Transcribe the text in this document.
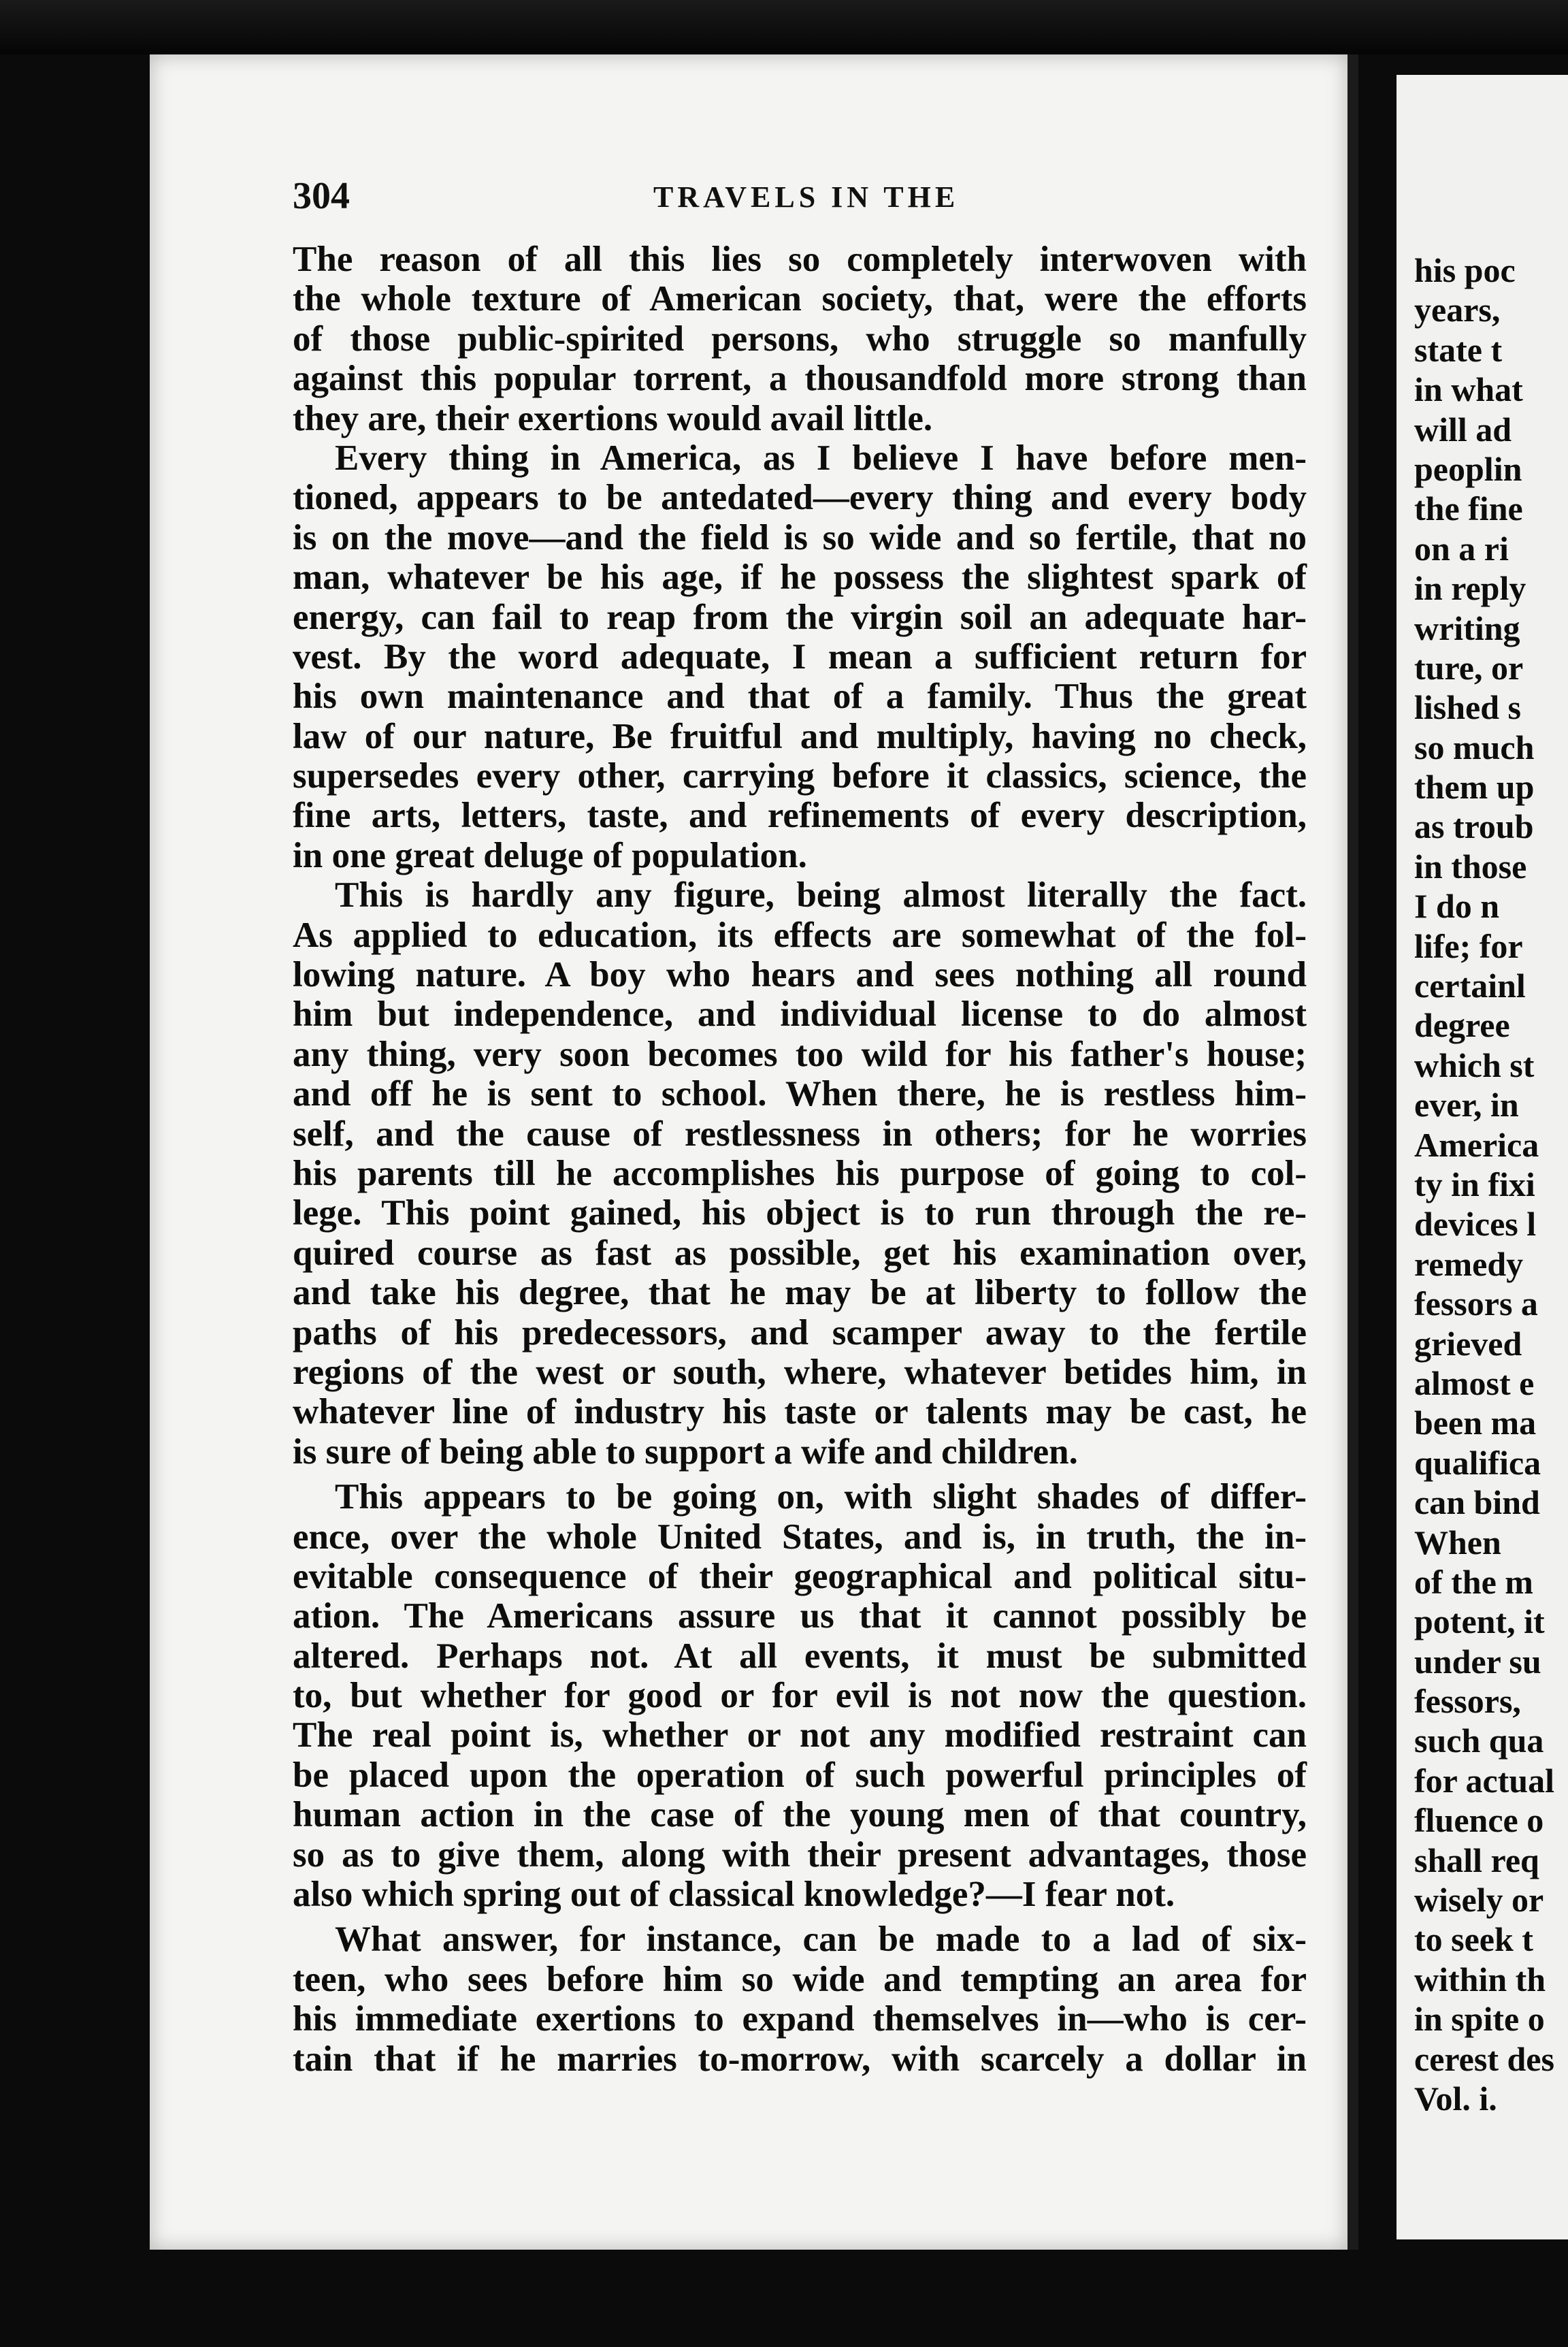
304	TRAVELS IN THE
The reason of all this lies so completely interwoven with
the whole texture of American society, that, were the efforts
of those public-spirited persons, who struggle so manfully
against this popular torrent, a thousandfold more strong than
they are, their exertions would avail little.
Every thing in America, as I believe I have before men-
tioned, appears to be antedated—every thing and every body
is on the move—and the field is so wide and so fertile, that no
man, whatever be his age, if he possess the slightest spark of
energy, can fail to reap from the virgin soil an adequate har-
vest. By the word adequate, I mean a sufficient return for
his own maintenance and that of a family. Thus the great
law of our nature, Be fruitful and multiply, having no check,
supersedes every other, carrying before it classics, science, the
fine arts, letters, taste, and refinements of every description,
in one great deluge of population.
This is hardly any figure, being almost literally the fact.
As applied to education, its effects are somewhat of the fol-
lowing nature. A boy who hears and sees nothing all round
him but independence, and individual license to do almost
any thing, very soon becomes too wild for his father's house;
and off he is sent to school. When there, he is restless him-
self, and the cause of restlessness in others; for he worries
his parents till he accomplishes his purpose of going to col-
lege. This point gained, his object is to run through the re-
quired course as fast as possible, get his examination over,
and take his degree, that he may be at liberty to follow the
paths of his predecessors, and scamper away to the fertile
regions of the west or south, where, whatever betides him, in
whatever line of industry his taste or talents may be cast, he
is sure of being able to support a wife and children.
This appears to be going on, with slight shades of differ-
ence, over the whole United States, and is, in truth, the in-
evitable consequence of their geographical and political situ-
ation. The Americans assure us that it cannot possibly be
altered. Perhaps not. At all events, it must be submitted
to, but whether for good or for evil is not now the question.
The real point is, whether or not any modified restraint can
be placed upon the operation of such powerful principles of
human action in the case of the young men of that country,
so as to give them, along with their present advantages, those
also which spring out of classical knowledge?—I fear not.
What answer, for instance, can be made to a lad of six-
teen, who sees before him so wide and tempting an area for
his immediate exertions to expand themselves in—who is cer-
tain that if he marries to-morrow, with scarcely a dollar in
his poc
years,
state t
in what
will ad
peoplin
the fine
on a ri
in reply
writing
ture, or
lished s
so much
them up
as troub
in those
I do n
life; for
certainl
degree
which st
ever, in
America
ty in fixi
devices l
remedy
fessors a
grieved
almost e
been ma
qualifica
can bind
When
of the m
potent, it
under su
fessors,
such qua
for actual
fluence o
shall req
wisely or
to seek t
within th
in spite o
cerest des
Vol. i.
